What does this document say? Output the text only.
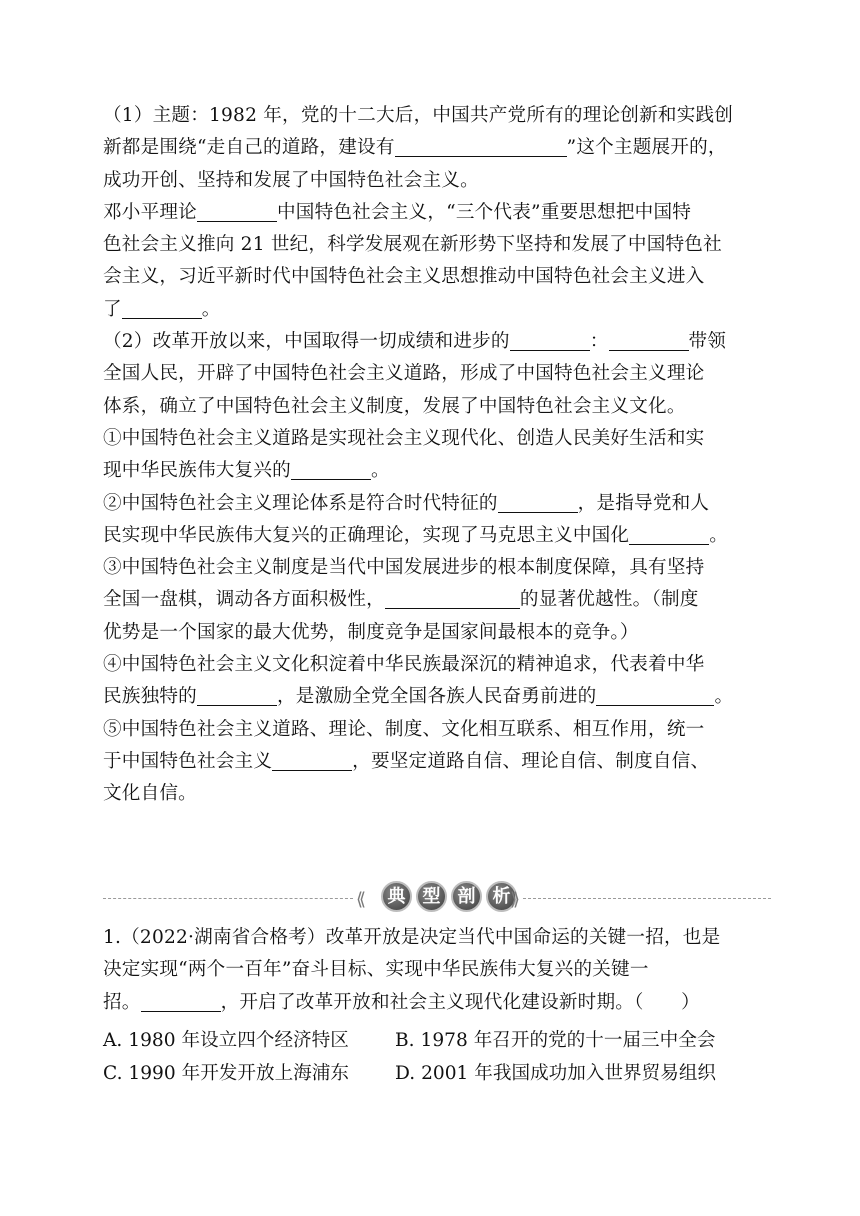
（1）主题：1982 年，党的十二大后，中国共产党所有的理论创新和实践创
新都是围绕“走自己的道路，建设有	”这个主题展开的，
成功开创、坚持和发展了中国特色社会主义。
邓小平理论	中国特色社会主义，“三个代表”重要思想把中国特
色社会主义推向 21 世纪，科学发展观在新形势下坚持和发展了中国特色社
会主义，习近平新时代中国特色社会主义思想推动中国特色社会主义进入
了	。
（2）改革开放以来，中国取得一切成绩和进步的	：	带领
全国人民，开辟了中国特色社会主义道路，形成了中国特色社会主义理论
体系，确立了中国特色社会主义制度，发展了中国特色社会主义文化。
①中国特色社会主义道路是实现社会主义现代化、创造人民美好生活和实
现中华民族伟大复兴的	。
②中国特色社会主义理论体系是符合时代特征的	，是指导党和人
民实现中华民族伟大复兴的正确理论，实现了马克思主义中国化	。
③中国特色社会主义制度是当代中国发展进步的根本制度保障，具有坚持
全国一盘棋，调动各方面积极性，	的显著优越性。（制度
优势是一个国家的最大优势，制度竞争是国家间最根本的竞争。）
④中国特色社会主义文化积淀着中华民族最深沉的精神追求，代表着中华
民族独特的	，是激励全党全国各族人民奋勇前进的	。
⑤中国特色社会主义道路、理论、制度、文化相互联系、相互作用，统一
于中国特色社会主义	，要坚定道路自信、理论自信、制度自信、
文化自信。
⟪	典 型 剖 析 ⟫
1.（2022·湖南省合格考）改革开放是决定当代中国命运的关键一招，也是
决定实现“两个一百年”奋斗目标、实现中华民族伟大复兴的关键一
招。	，开启了改革开放和社会主义现代化建设新时期。（　　）
A. 1980 年设立四个经济特区 B. 1978 年召开的党的十一届三中全会
C. 1990 年开发开放上海浦东 D. 2001 年我国成功加入世界贸易组织
